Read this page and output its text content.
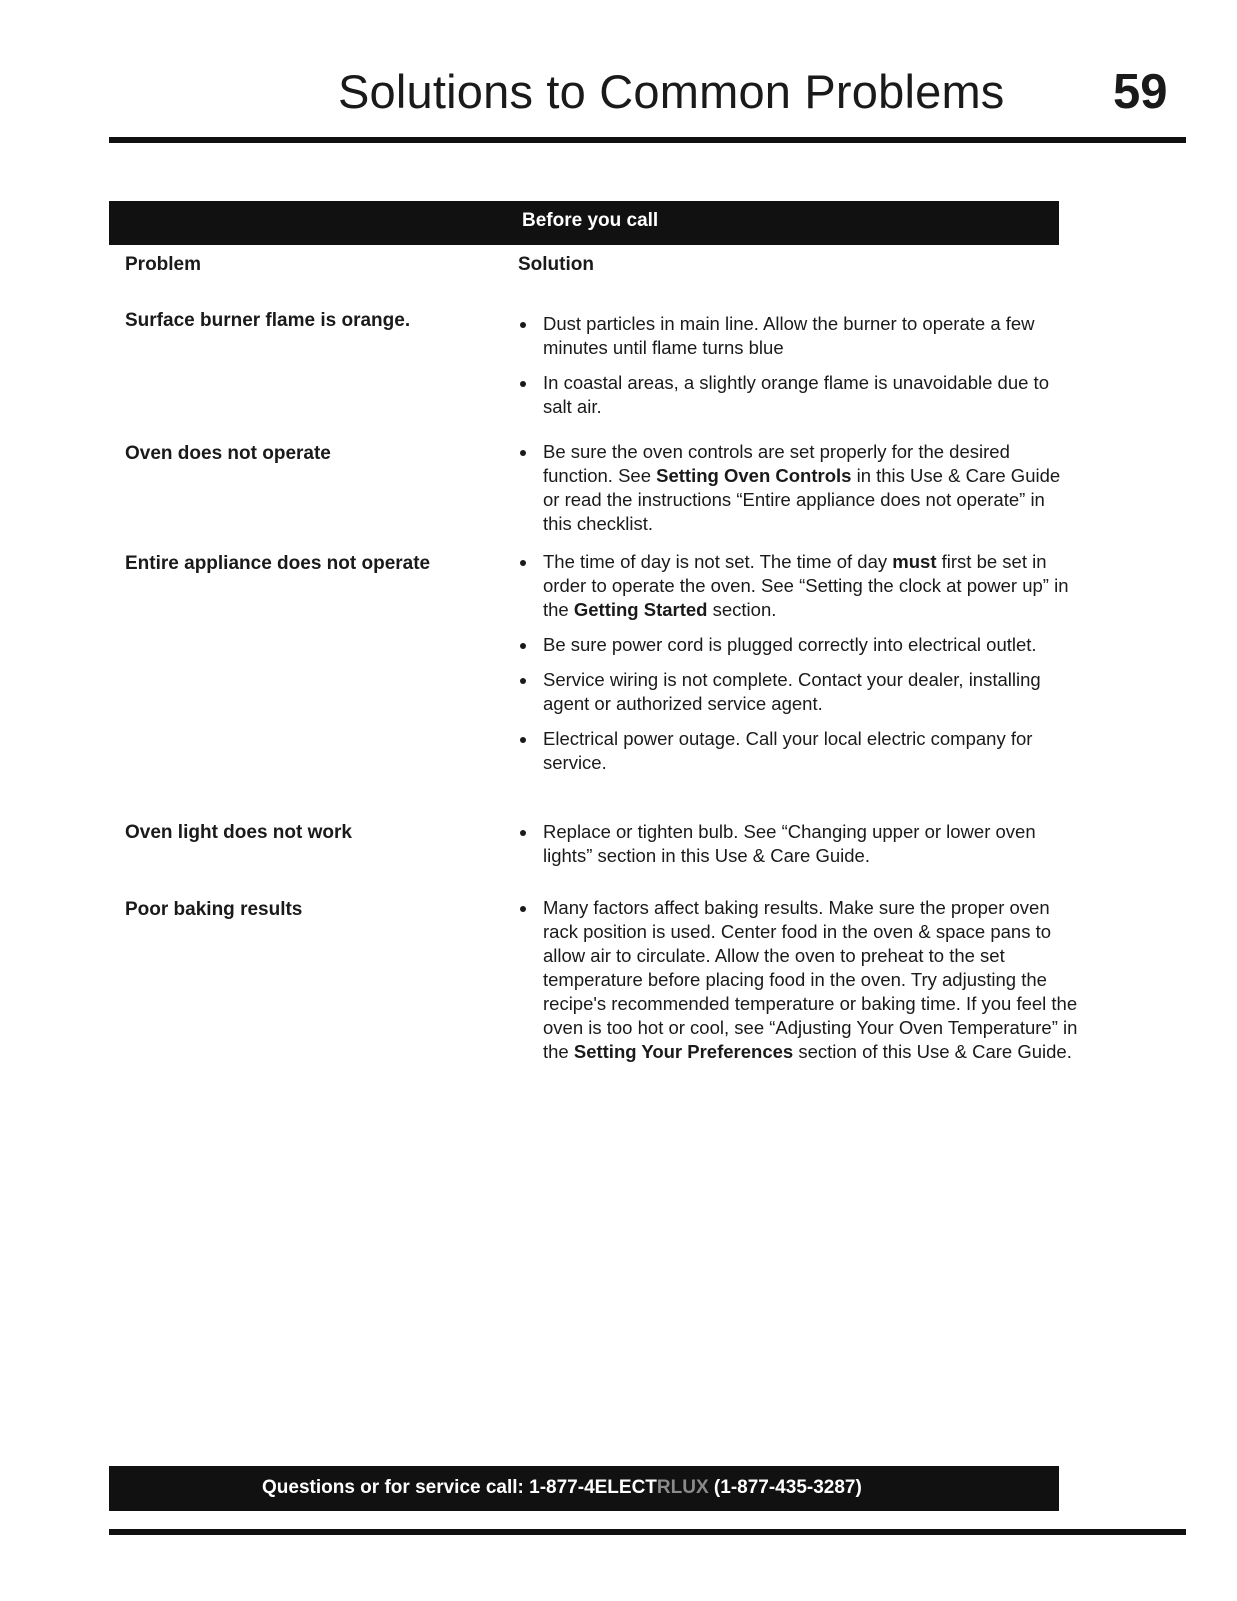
Solutions to Common Problems 59
Before you call
Problem	Solution
Surface burner flame is orange.	Dust particles in main line. Allow the burner to operate a few minutes until flame turns blue
In coastal areas, a slightly orange flame is unavoidable due to salt air.
Oven does not operate	Be sure the oven controls are set properly for the desired function. See Setting Oven Controls in this Use & Care Guide or read the instructions “Entire appliance does not operate” in this checklist.
Entire appliance does not operate	The time of day is not set. The time of day must first be set in order to operate the oven. See “Setting the clock at power up” in the Getting Started section.
Be sure power cord is plugged correctly into electrical outlet.
Service wiring is not complete. Contact your dealer, installing agent or authorized service agent.
Electrical power outage. Call your local electric company for service.
Oven light does not work	Replace or tighten bulb. See “Changing upper or lower oven lights” section in this Use & Care Guide.
Poor baking results	Many factors affect baking results. Make sure the proper oven rack position is used. Center food in the oven & space pans to allow air to circulate. Allow the oven to preheat to the set temperature before placing food in the oven. Try adjusting the recipe's recommended temperature or baking time. If you feel the oven is too hot or cool, see “Adjusting Your Oven Temperature” in the Setting Your Preferences section of this Use & Care Guide.
Questions or for service call: 1-877-4ELECTRLUX (1-877-435-3287)
